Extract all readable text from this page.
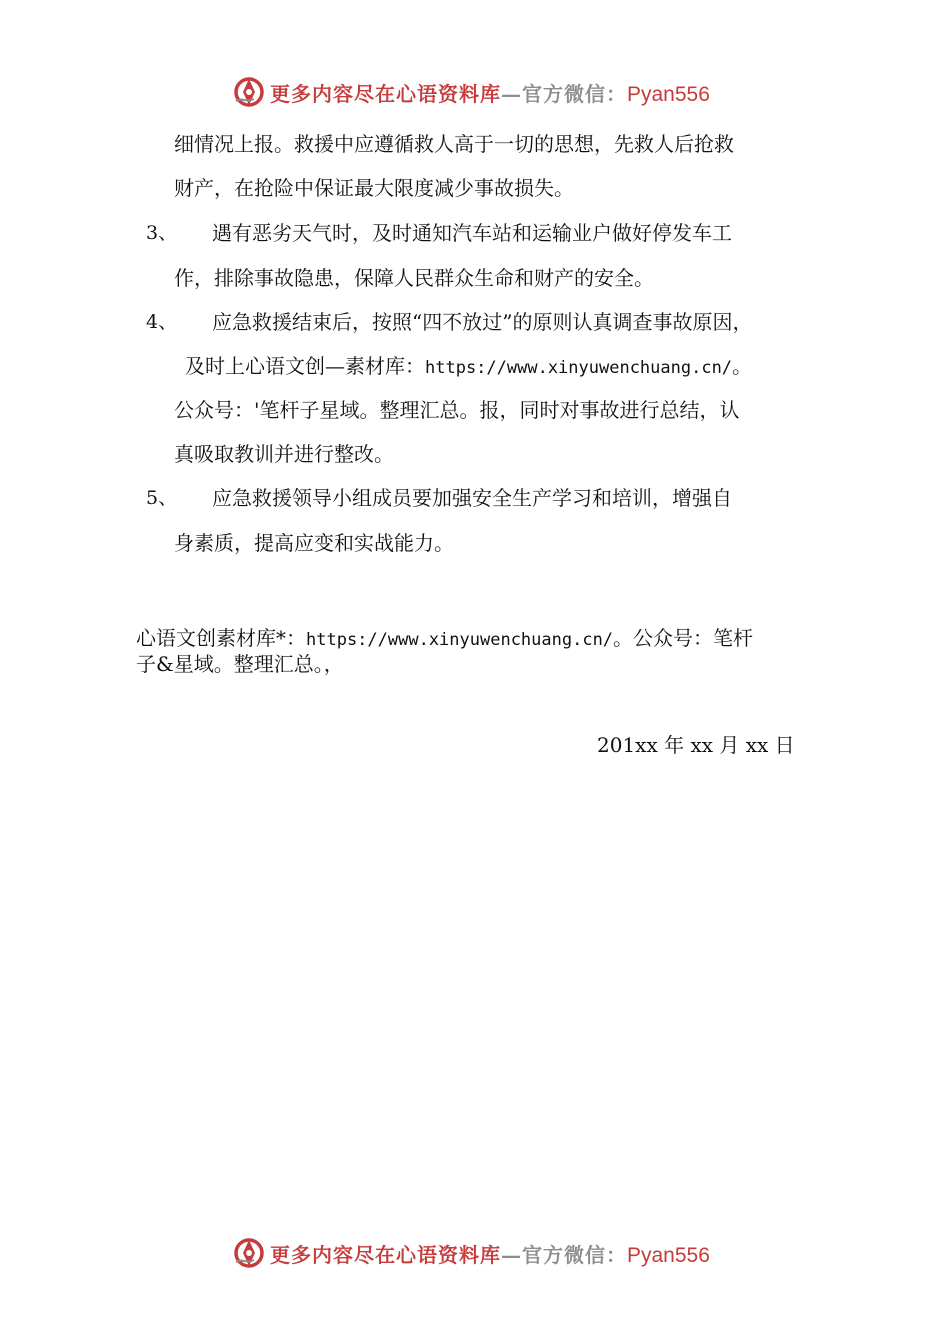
更多内容尽在心语资料库—官方微信：Pyan556
细情况上报。救援中应遵循救人高于一切的思想，先救人后抢救
财产，在抢险中保证最大限度减少事故损失。
3、 遇有恶劣天气时，及时通知汽车站和运输业户做好停发车工
作，排除事故隐患，保障人民群众生命和财产的安全。
4、 应急救援结束后，按照“四不放过”的原则认真调查事故原因，
及时上心语文创—素材库：https://www.xinyuwenchuang.cn/。
公众号：'笔杆子星域。整理汇总。报，同时对事故进行总结，认
真吸取教训并进行整改。
5、 应急救援领导小组成员要加强安全生产学习和培训，增强自
身素质，提高应变和实战能力。
心语文创素材库*：https://www.xinyuwenchuang.cn/。公众号：笔杆
子&星域。整理汇总。，
201xx 年 xx 月 xx 日
更多内容尽在心语资料库—官方微信：Pyan556
